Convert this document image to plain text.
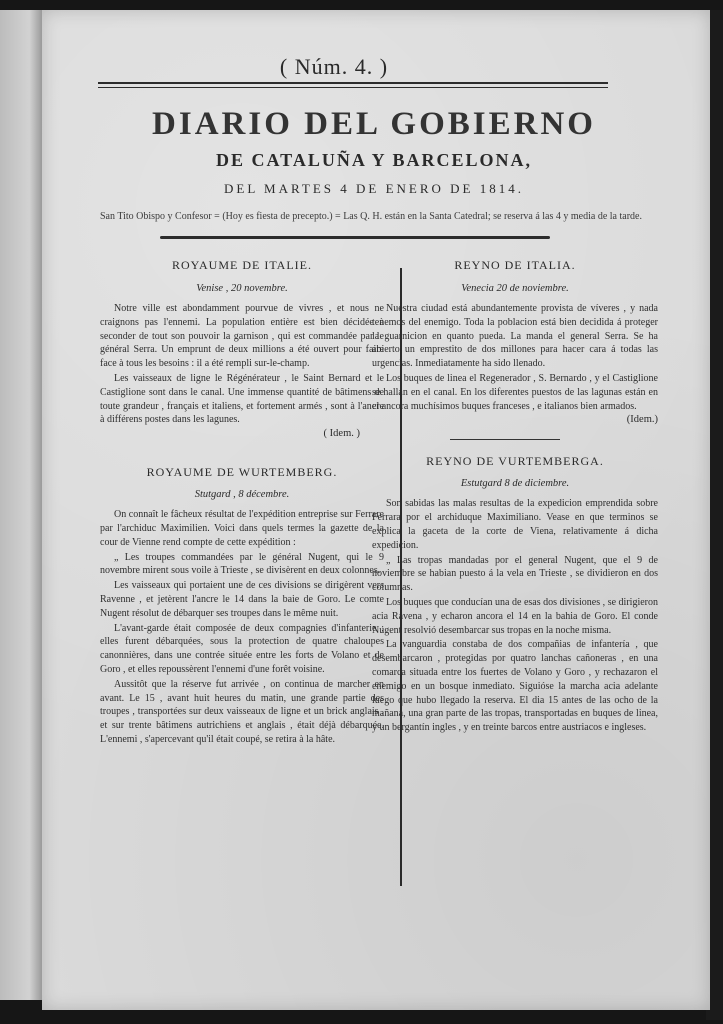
( Núm. 4. )
DIARIO DEL GOBIERNO
DE CATALUÑA Y BARCELONA,
DEL MARTES 4 DE ENERO DE 1814.
San Tito Obispo y Confesor = (Hoy es fiesta de precepto.) = Las Q. H. están en la Santa Catedral; se reserva á las 4 y media de la tarde.
ROYAUME DE ITALIE.
Venise , 20 novembre.

Notre ville est abondamment pourvue de vivres , et nous ne craignons pas l'ennemi. La population entière est bien décidée à seconder de tout son pouvoir la garnison , qui est commandée par le général Serra. Un emprunt de deux millions a été ouvert pour faire face à tous les besoins : il a été rempli sur-le-champ.

Les vaisseaux de ligne le Régénérateur , le Saint Bernard et le Castiglione sont dans le canal. Une immense quantité de bâtimens de toute grandeur , français et italiens, et fortement armés , sont à l'ancre à différens postes dans les lagunes.

( Idem. )
ROYAUME DE WURTEMBERG.
Stutgard , 8 décembre.

On connaît le fâcheux résultat de l'expédition entreprise sur Ferrare par l'archiduc Maximilien. Voici dans quels termes la gazette de la cour de Vienne rend compte de cette expédition :

„ Les troupes commandées par le général Nugent, qui le 9 novembre mirent sous voile à Trieste , se divisèrent en deux colonnes.

Les vaisseaux qui portaient une de ces divisions se dirigèrent vers Ravenne , et jetèrent l'ancre le 14 dans la baie de Goro. Le comte Nugent résolut de débarquer ses troupes dans le même nuit.

L'avant-garde était composée de deux compagnies d'infanterie ; elles furent débarquées, sous la protection de quatre chaloupes canonnières, dans une contrée située entre les forts de Volano et de Goro , et elles repoussèrent l'ennemi d'une forêt voisine.

Aussitôt que la réserve fut arrivée , on continua de marcher en avant. Le 15 , avant huit heures du matin, une grande partie des troupes , transportées sur deux vaisseaux de ligne et un brick anglais , et sur trente bâtimens autrichiens et anglais , était déjà débarquée. L'ennemi , s'apercevant qu'il était coupé, se retira à la hâte.

REYNO DE ITALIA.
Venecia 20 de noviembre.

Nuestra ciudad está abundantemente provista de víveres , y nada tenemos del enemigo. Toda la poblacion está bien decidida á proteger la guarnicion en quanto pueda. La manda el general Serra. Se ha abierto un emprestito de dos millones para hacer cara á todas las urgencias. Inmediatamente ha sido llenado.

Los buques de linea el Regenerador , S. Bernardo , y el Castiglione se hallan en el canal. En los diferentes puestos de las lagunas están en el ancora muchísimos buques franceses , e italianos bien armados.

(Idem.)
REYNO DE VURTEMBERGA.
Estutgard 8 de diciembre.

Son sabidas las malas resultas de la expedicion emprendida sobre Ferrara por el archiduque Maximiliano. Vease en que terminos se explica la gaceta de la corte de Viena, relativamente á dicha expedicion.

„ Las tropas mandadas por el general Nugent, que el 9 de noviembre se habian puesto á la vela en Trieste , se dividieron en dos columnas.

Los buques que conducían una de esas dos divisiones , se dirigieron acia Ravena , y echaron ancora el 14 en la bahia de Goro. El conde Nugent resolvió desembarcar sus tropas en la noche misma.

La vanguardia constaba de dos compañias de infantería , que desembarcaron , protegidas por quatro lanchas cañoneras , en una comarca situada entre los fuertes de Volano y Goro , y rechazaron el enemigo en un bosque inmediato. Siguióse la marcha acia adelante luego que hubo llegado la reserva. El dia 15 antes de las ocho de la mañana, una gran parte de las tropas, transportadas en buques de linea, y un bergantín ingles , y en treinte barcos entre austriacos e ingleses.
